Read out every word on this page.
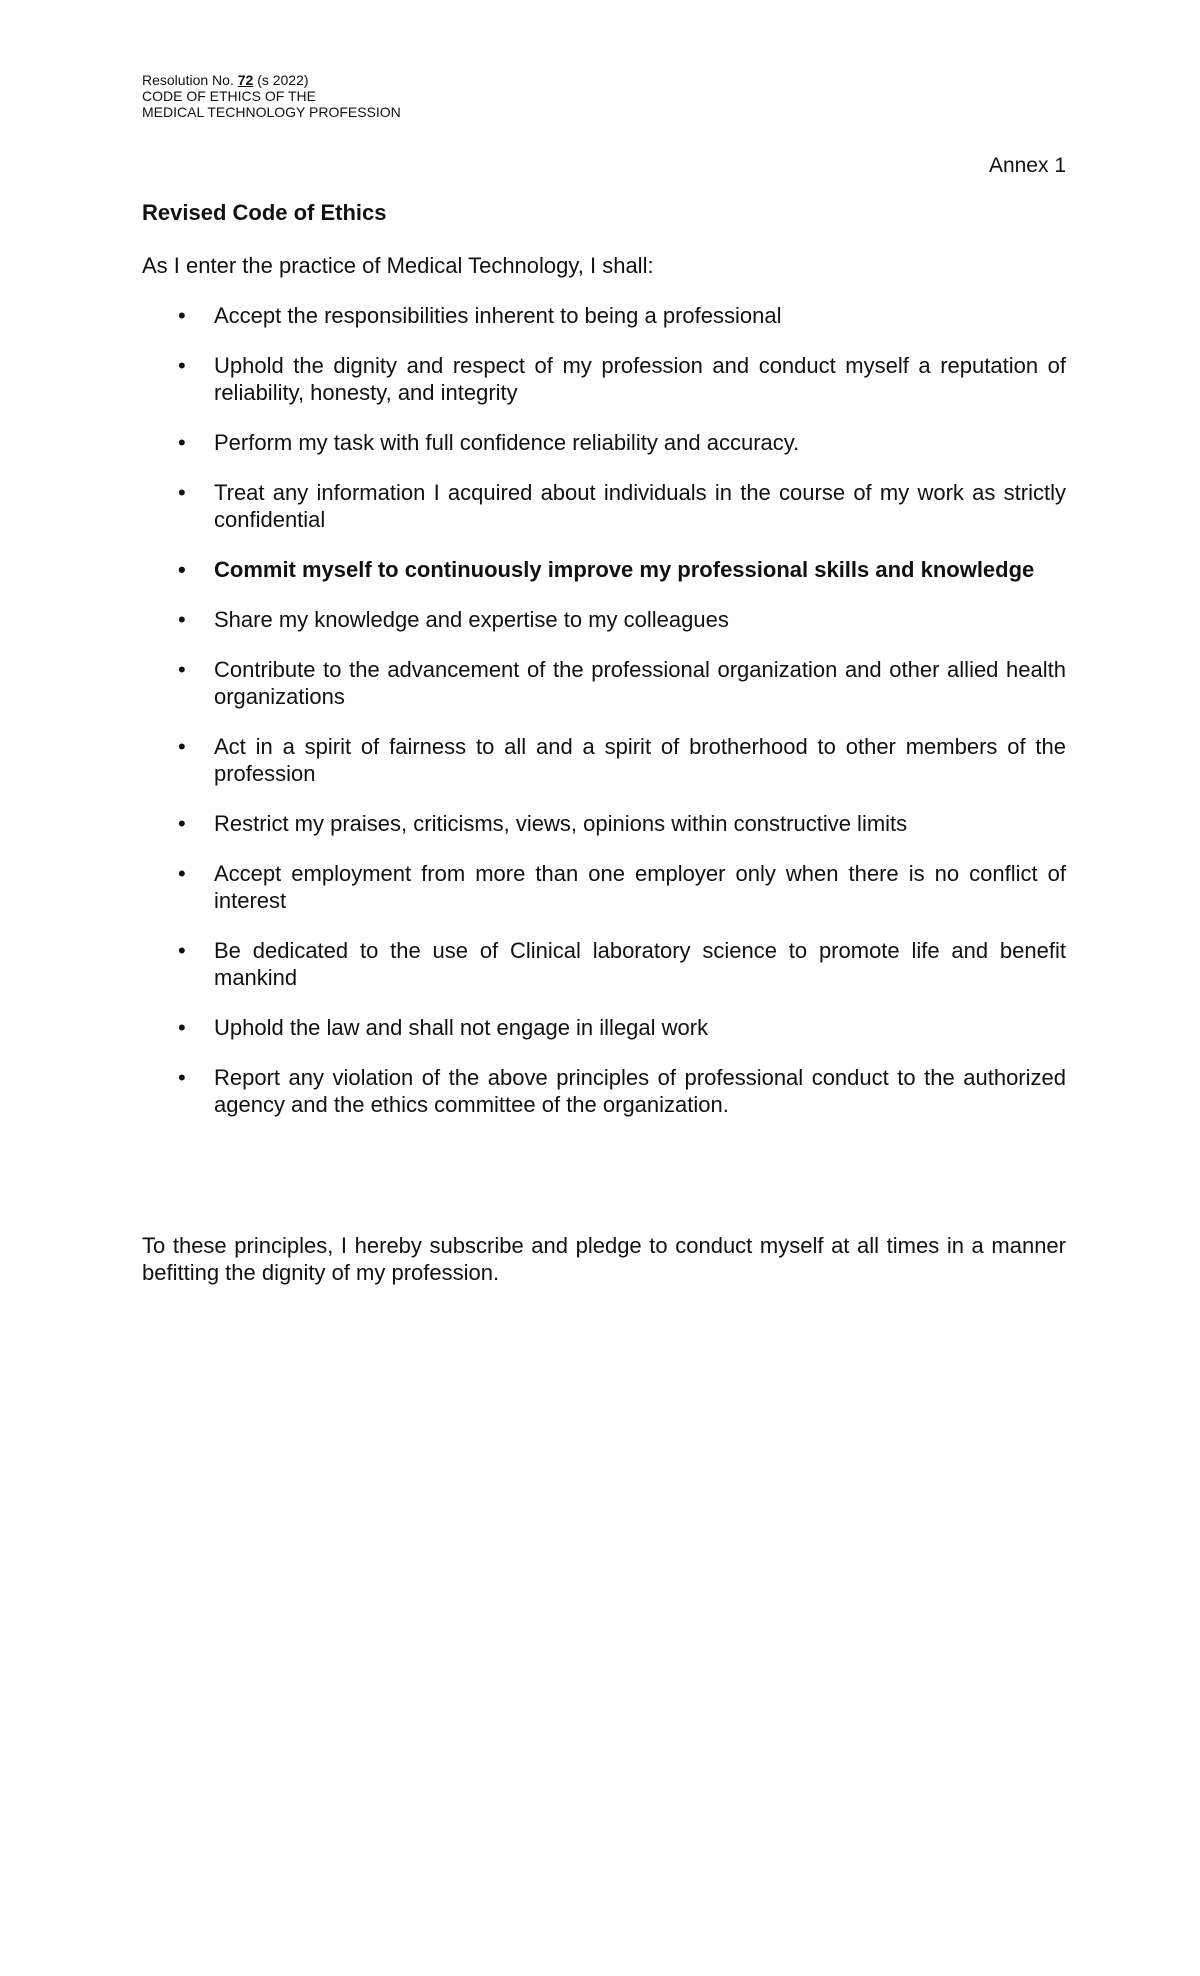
Resolution No. 72 (s 2022)
CODE OF ETHICS OF THE
MEDICAL TECHNOLOGY PROFESSION
Annex 1
Revised Code of Ethics
As I enter the practice of Medical Technology, I shall:
• Accept the responsibilities inherent to being a professional
• Uphold the dignity and respect of my profession and conduct myself a reputation of reliability, honesty, and integrity
• Perform my task with full confidence reliability and accuracy.
• Treat any information I acquired about individuals in the course of my work as strictly confidential
• Commit myself to continuously improve my professional skills and knowledge
• Share my knowledge and expertise to my colleagues
• Contribute to the advancement of the professional organization and other allied health organizations
• Act in a spirit of fairness to all and a spirit of brotherhood to other members of the profession
• Restrict my praises, criticisms, views, opinions within constructive limits
• Accept employment from more than one employer only when there is no conflict of interest
• Be dedicated to the use of Clinical laboratory science to promote life and benefit mankind
• Uphold the law and shall not engage in illegal work
• Report any violation of the above principles of professional conduct to the authorized agency and the ethics committee of the organization.
To these principles, I hereby subscribe and pledge to conduct myself at all times in a manner befitting the dignity of my profession.
